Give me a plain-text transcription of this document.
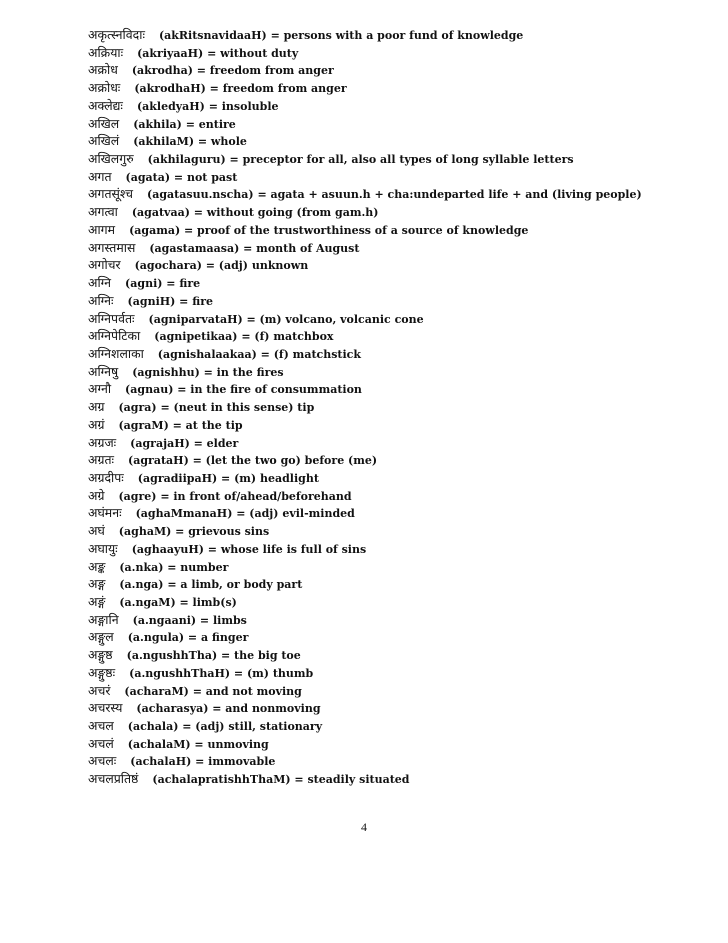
अकृत्स्नविदाः (akRitsnavidaaH) = persons with a poor fund of knowledge
अक्रियाः (akriyaaH) = without duty
अक्रोध (akrodha) = freedom from anger
अक्रोधः (akrodhaH) = freedom from anger
अक्लेद्यः (akledyaH) = insoluble
अखिल (akhila) = entire
अखिलं (akhilaM) = whole
अखिलगुरु (akhilaguru) = preceptor for all, also all types of long syllable letters
अगत (agata) = not past
अगतसूंश्च (agatasuu.nscha) = agata + asuun.h + cha:undeparted life + and (living people)
अगत्वा (agatvaa) = without going (from gam.h)
आगम (agama) = proof of the trustworthiness of a source of knowledge
अगस्तमास (agastamaasa) = month of August
अगोचर (agochara) = (adj) unknown
अग्नि (agni) = fire
अग्निः (agniH) = fire
अग्निपर्वतः (agniparvataH) = (m) volcano, volcanic cone
अग्निपेटिका (agnipetikaa) = (f) matchbox
अग्निशलाका (agnishalaakaa) = (f) matchstick
अग्निषु (agnishhu) = in the fires
अग्नौ (agnau) = in the fire of consummation
अग्र (agra) = (neut in this sense) tip
अग्रं (agraM) = at the tip
अग्रजः (agrajaH) = elder
अग्रतः (agrataH) = (let the two go) before (me)
अग्रदीपः (agradiipaH) = (m) headlight
अग्रे (agre) = in front of/ahead/beforehand
अघंमनः (aghaMmanaH) = (adj) evil-minded
अघं (aghaM) = grievous sins
अघायुः (aghaayuH) = whose life is full of sins
अङ्क (a.nka) = number
अङ्ग (a.nga) = a limb, or body part
अङ्गं (a.ngaM) = limb(s)
अङ्गानि (a.ngaani) = limbs
अङ्गुल (a.ngula) = a finger
अङ्गुष्ठ (a.ngushhTha) = the big toe
अङ्गुष्ठः (a.ngushhThaH) = (m) thumb
अचरं (acharaM) = and not moving
अचरस्य (acharasya) = and nonmoving
अचल (achala) = (adj) still, stationary
अचलं (achalaM) = unmoving
अचलः (achalaH) = immovable
अचलप्रतिष्ठं (achalapratishhThaM) = steadily situated
4
